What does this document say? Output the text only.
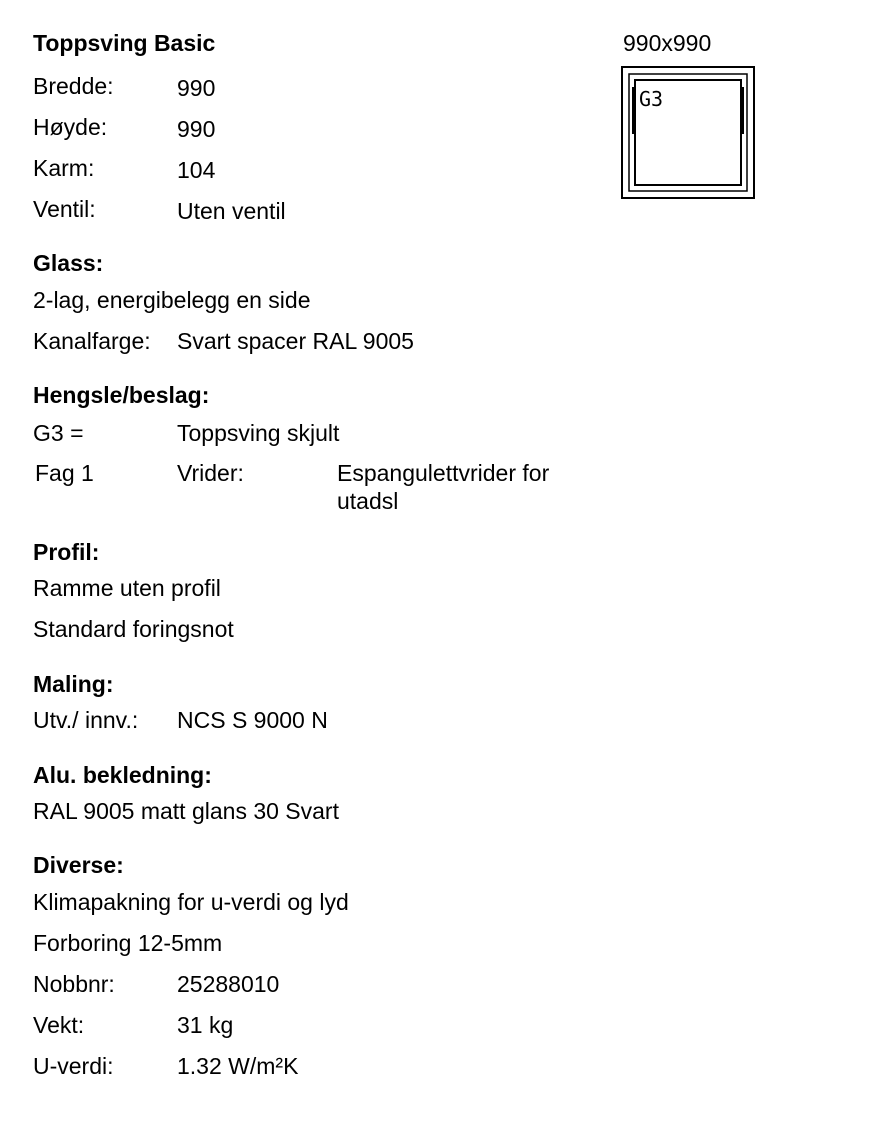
Toppsving Basic
Bredde:	990
Høyde:	990
Karm:	104
Ventil:	Uten ventil
Glass:
2-lag, energibelegg en side
Kanalfarge: Svart spacer RAL 9005
Hengsle/beslag:
G3 =	Toppsving skjult
Fag 1	Vrider:	Espangulettvrider for utadsl
Profil:
Ramme uten profil
Standard foringsnot
Maling:
Utv./ innv.: NCS S 9000 N
Alu. bekledning:
RAL 9005 matt glans 30 Svart
Diverse:
Klimapakning for u-verdi og lyd
Forboring 12-5mm
Nobbnr:	25288010
Vekt:	31 kg
U-verdi:	1.32 W/m²K
990x990
G3
